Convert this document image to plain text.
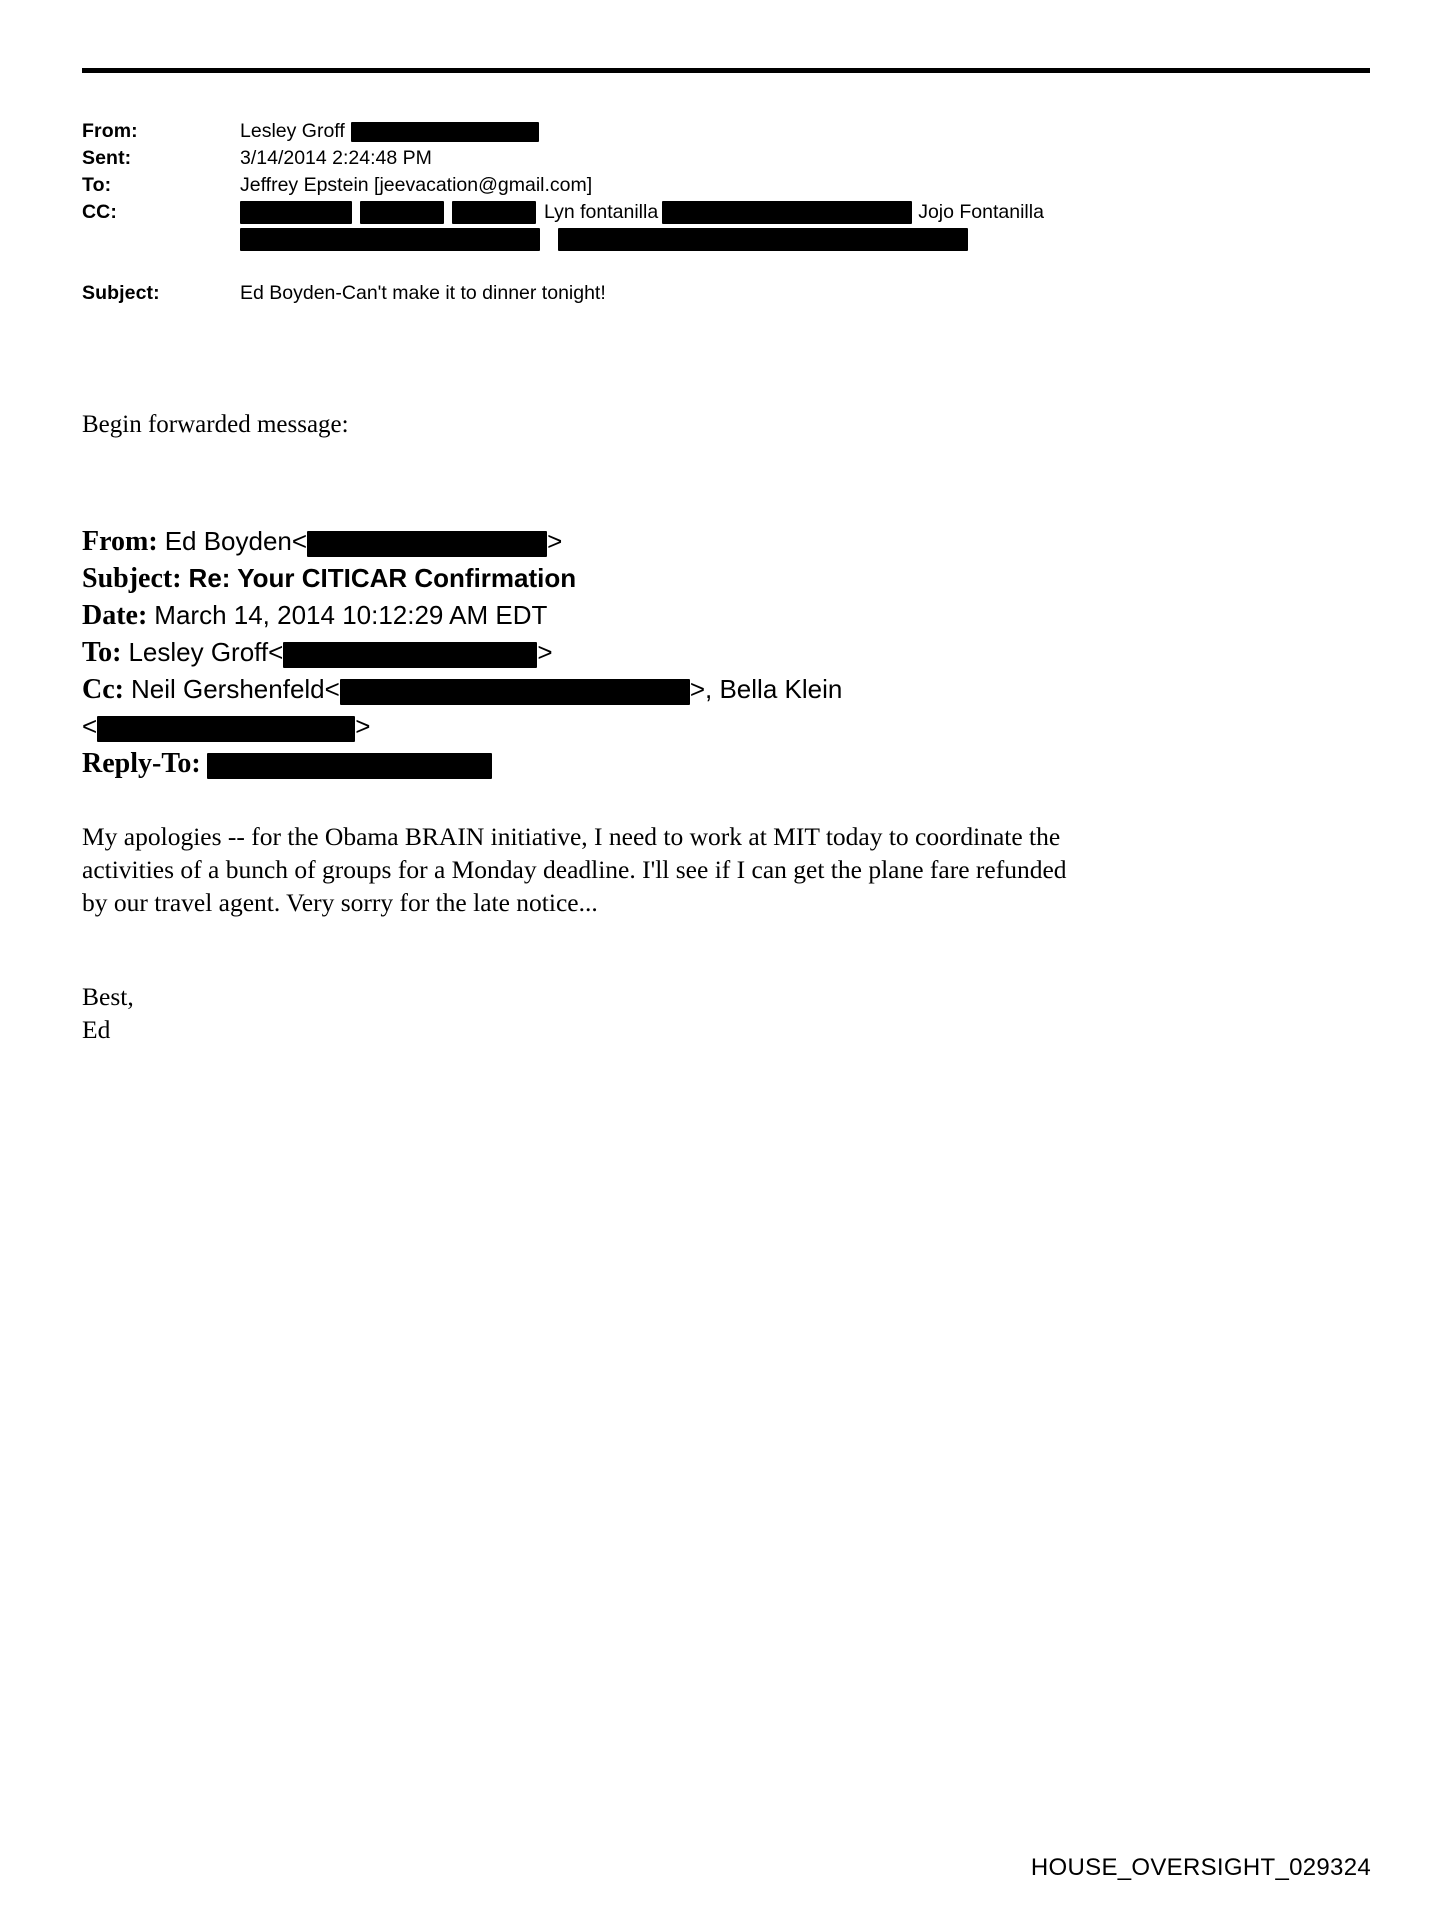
From:	Lesley Groff
Sent:	3/14/2014 2:24:48 PM
To:	Jeffrey Epstein [jeevacation@gmail.com]
CC:	Lyn fontanilla	Jojo Fontanilla
Subject:	Ed Boyden-Can't make it to dinner tonight!
Begin forwarded message:
From: Ed Boyden<	>
Subject: Re: Your CITICAR Confirmation
Date: March 14, 2014 10:12:29 AM EDT
To: Lesley Groff<	>
Cc: Neil Gershenfeld<	>, Bella Klein
<	>
Reply-To:

My apologies -- for the Obama BRAIN initiative, I need to work at MIT today to coordinate the activities of a bunch of groups for a Monday deadline. I'll see if I can get the plane fare refunded by our travel agent. Very sorry for the late notice...

Best,
Ed
HOUSE_OVERSIGHT_029324
